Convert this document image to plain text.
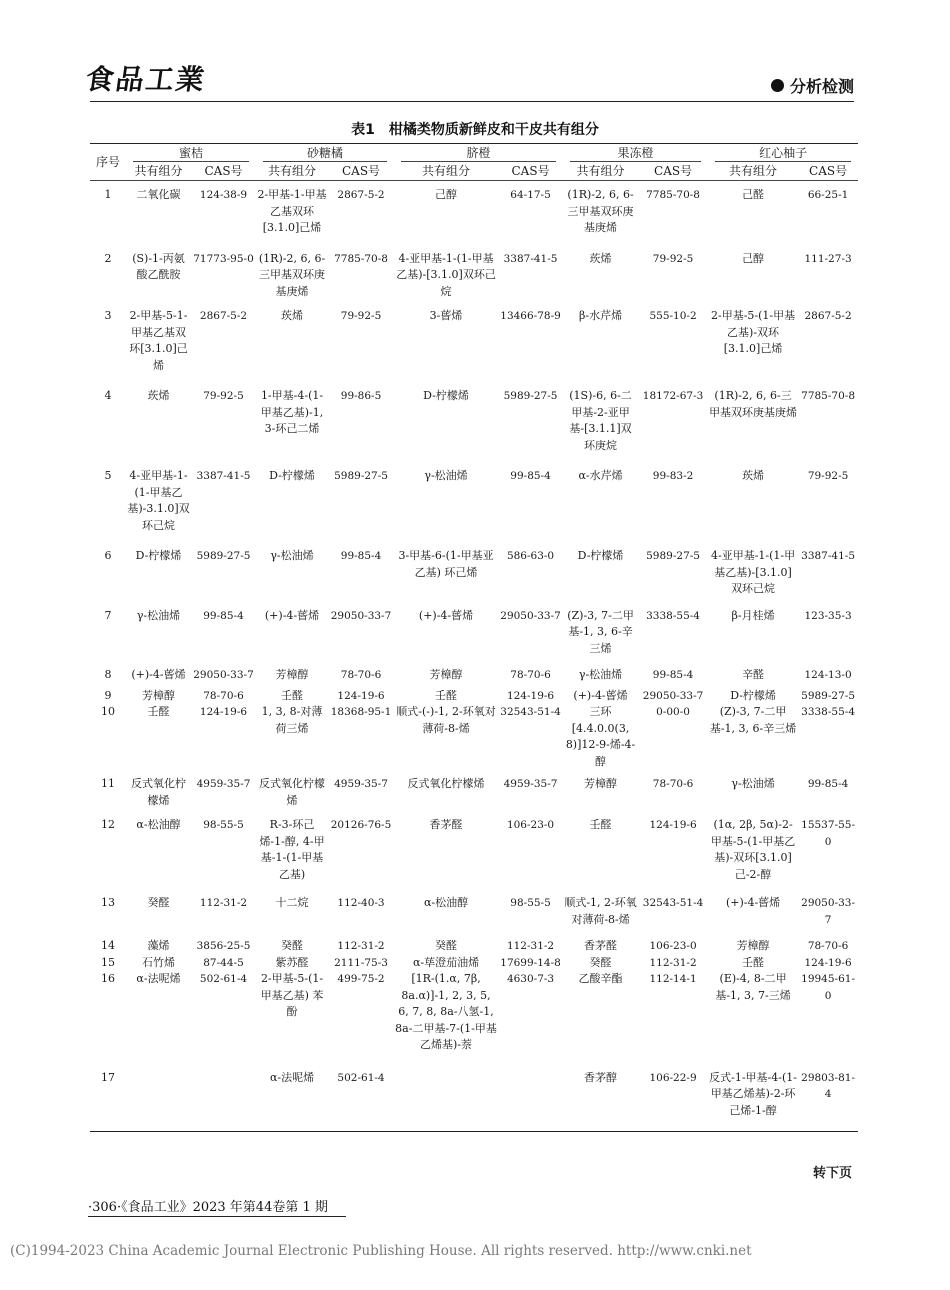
食品工業	分析检测
表1 柑橘类物质新鲜皮和干皮共有组分
序号	蜜桔		砂糖橘		脐橙		果冻橙		红心柚子	

	共有组分	CAS号	共有组分	CAS号	共有组分	CAS号	共有组分	CAS号	共有组分	CAS号
1	二氧化碳	124-38-9	2-甲基-1-甲基乙基双环[3.1.0]己烯	2867-5-2	己醇	64-17-5	(1R)-2, 6, 6-三甲基双环庚基庚烯	7785-70-8	己醛	66-25-1
2	(S)-1-丙氨酸乙酰胺	71773-95-0	(1R)-2, 6, 6-三甲基双环庚基庚烯	7785-70-8	4-亚甲基-1-(1-甲基乙基)-[3.1.0]双环己烷	3387-41-5	莰烯	79-92-5	己醇	111-27-3
3	2-甲基-5-1-甲基乙基双环[3.1.0]己烯	2867-5-2	莰烯	79-92-5	3-蒈烯	13466-78-9	β-水芹烯	555-10-2	2-甲基-5-(1-甲基乙基)-双环[3.1.0]己烯	2867-5-2
4	莰烯	79-92-5	1-甲基-4-(1-甲基乙基)-1, 3-环己二烯	99-86-5	D-柠檬烯	5989-27-5	(1S)-6, 6-二甲基-2-亚甲基-[3.1.1]双环庚烷	18172-67-3	(1R)-2, 6, 6-三甲基双环庚基庚烯	7785-70-8
5	4-亚甲基-1-(1-甲基乙基)-3.1.0]双环己烷	3387-41-5	D-柠檬烯	5989-27-5	γ-松油烯	99-85-4	α-水芹烯	99-83-2	莰烯	79-92-5
6	D-柠檬烯	5989-27-5	γ-松油烯	99-85-4	3-甲基-6-(1-甲基亚乙基) 环己烯	586-63-0	D-柠檬烯	5989-27-5	4-亚甲基-1-(1-甲基乙基)-[3.1.0]双环己烷	3387-41-5
7	γ-松油烯	99-85-4	(+)-4-蒈烯	29050-33-7	(+)-4-蒈烯	29050-33-7	(Z)-3, 7-二甲基-1, 3, 6-辛三烯	3338-55-4	β-月桂烯	123-35-3
8	(+)-4-蒈烯	29050-33-7	芳樟醇	78-70-6	芳樟醇	78-70-6	γ-松油烯	99-85-4	辛醛	124-13-0
9	芳樟醇	78-70-6	壬醛	124-19-6	壬醛	124-19-6	(+)-4-蒈烯	29050-33-7	D-柠檬烯	5989-27-5
10	壬醛	124-19-6	1, 3, 8-对薄荷三烯	18368-95-1	顺式-(-)-1, 2-环氧对薄荷-8-烯	32543-51-4	三环[4.4.0.0(3, 8)]12-9-烯-4-醇	0-00-0	(Z)-3, 7-二甲基-1, 3, 6-辛三烯	3338-55-4
11	反式氧化柠檬烯	4959-35-7	反式氧化柠檬烯	4959-35-7	反式氧化柠檬烯	4959-35-7	芳樟醇	78-70-6	γ-松油烯	99-85-4
12	α-松油醇	98-55-5	R-3-环己烯-1-醇, 4-甲基-1-(1-甲基乙基)	20126-76-5	香茅醛	106-23-0	壬醛	124-19-6	(1α, 2β, 5α)-2-甲基-5-(1-甲基乙基)-双环[3.1.0]己-2-醇	15537-55-0
13	癸醛	112-31-2	十二烷	112-40-3	α-松油醇	98-55-5	顺式-1, 2-环氧对薄荷-8-烯	32543-51-4	(+)-4-蒈烯	29050-33-7
14	藻烯	3856-25-5	癸醛	112-31-2	癸醛	112-31-2	香茅醛	106-23-0	芳樟醇	78-70-6
15	石竹烯	87-44-5	紫苏醛	2111-75-3	α-荜澄茄油烯	17699-14-8	癸醛	112-31-2	壬醛	124-19-6
16	α-法呢烯	502-61-4	2-甲基-5-(1-甲基乙基) 苯酚	499-75-2	[1R-(1.α, 7β, 8a.α)]-1, 2, 3, 5, 6, 7, 8, 8a-八氢-1, 8a-二甲基-7-(1-甲基乙烯基)-萘	4630-7-3	乙酸辛酯	112-14-1	(E)-4, 8-二甲基-1, 3, 7-三烯	19945-61-0
17			α-法呢烯	502-61-4			香茅醇	106-22-9	反式-1-甲基-4-(1-甲基乙烯基)-2-环己烯-1-醇	29803-81-4
转下页
·306·《食品工业》2023 年第44卷第 1 期
(C)1994-2023 China Academic Journal Electronic Publishing House. All rights reserved. http://www.cnki.net
